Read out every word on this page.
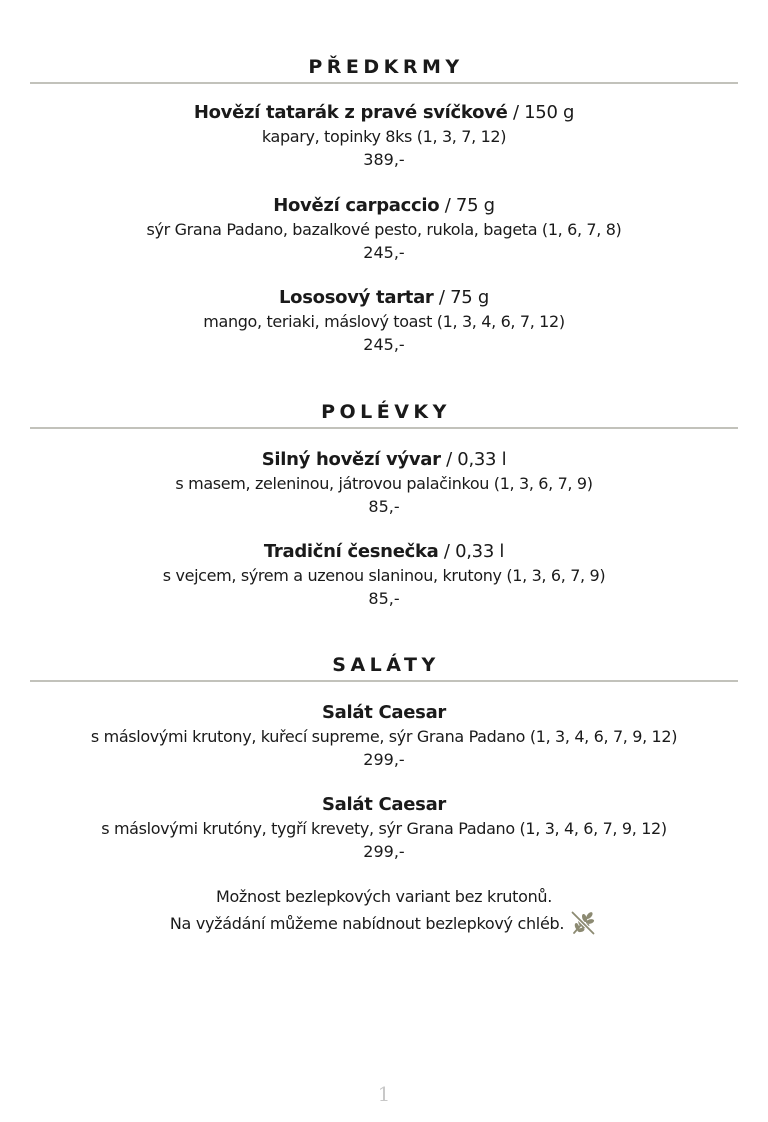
PŘEDKRMY
Hovězí tatarák z pravé svíčkové / 150 g
kapary, topinky 8ks (1, 3, 7, 12)
389,-
Hovězí carpaccio / 75 g
sýr Grana Padano, bazalkové pesto, rukola, bageta (1, 6, 7, 8)
245,-
Lososový tartar / 75 g
mango, teriaki, máslový toast (1, 3, 4, 6, 7, 12)
245,-
POLÉVKY
Silný hovězí vývar / 0,33 l
s masem, zeleninou, játrovou palačinkou (1, 3, 6, 7, 9)
85,-
Tradiční česnečka / 0,33 l
s vejcem, sýrem a uzenou slaninou, krutony (1, 3, 6, 7, 9)
85,-
SALÁTY
Salát Caesar
s máslovými krutony, kuřecí supreme, sýr Grana Padano (1, 3, 4, 6, 7, 9, 12)
299,-
Salát Caesar
s máslovými krutóny, tygří krevety, sýr Grana Padano (1, 3, 4, 6, 7, 9, 12)
299,-
Možnost bezlepkových variant bez krutonů.
Na vyžádání můžeme nabídnout bezlepkový chléb.
1
